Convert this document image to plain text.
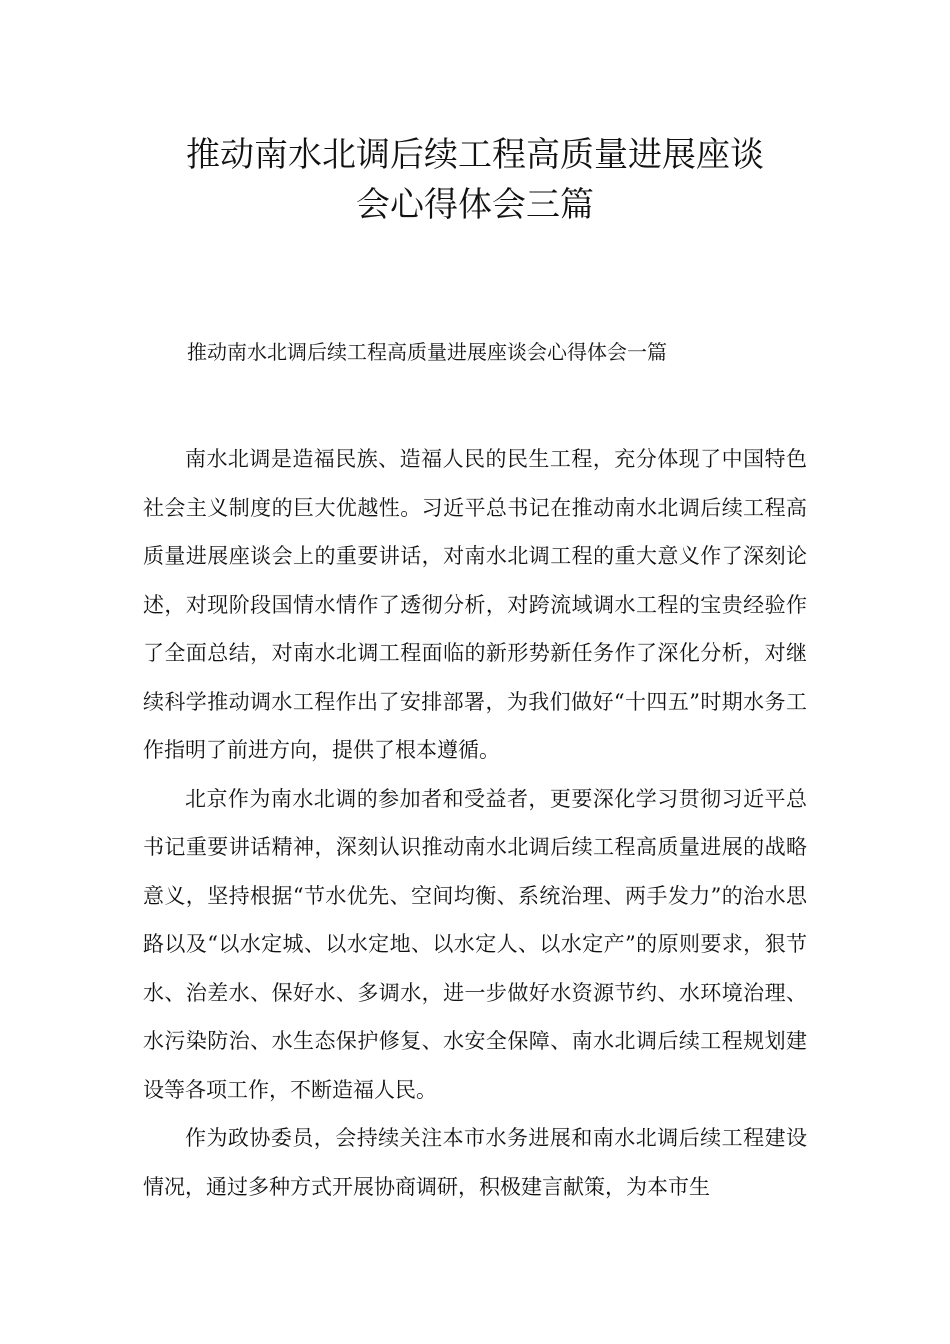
推动南水北调后续工程高质量进展座谈
会心得体会三篇

推动南水北调后续工程高质量进展座谈会心得体会一篇

南水北调是造福民族、造福人民的民生工程，充分体现了中国特色社会主义制度的巨大优越性。习近平总书记在推动南水北调后续工程高质量进展座谈会上的重要讲话，对南水北调工程的重大意义作了深刻论述，对现阶段国情水情作了透彻分析，对跨流域调水工程的宝贵经验作了全面总结，对南水北调工程面临的新形势新任务作了深化分析，对继续科学推动调水工程作出了安排部署，为我们做好“十四五”时期水务工作指明了前进方向，提供了根本遵循。

北京作为南水北调的参加者和受益者，更要深化学习贯彻习近平总书记重要讲话精神，深刻认识推动南水北调后续工程高质量进展的战略意义，坚持根据“节水优先、空间均衡、系统治理、两手发力”的治水思路以及“以水定城、以水定地、以水定人、以水定产”的原则要求，狠节水、治差水、保好水、多调水，进一步做好水资源节约、水环境治理、水污染防治、水生态保护修复、水安全保障、南水北调后续工程规划建设等各项工作，不断造福人民。

作为政协委员，会持续关注本市水务进展和南水北调后续工程建设情况，通过多种方式开展协商调研，积极建言献策，为本市生
